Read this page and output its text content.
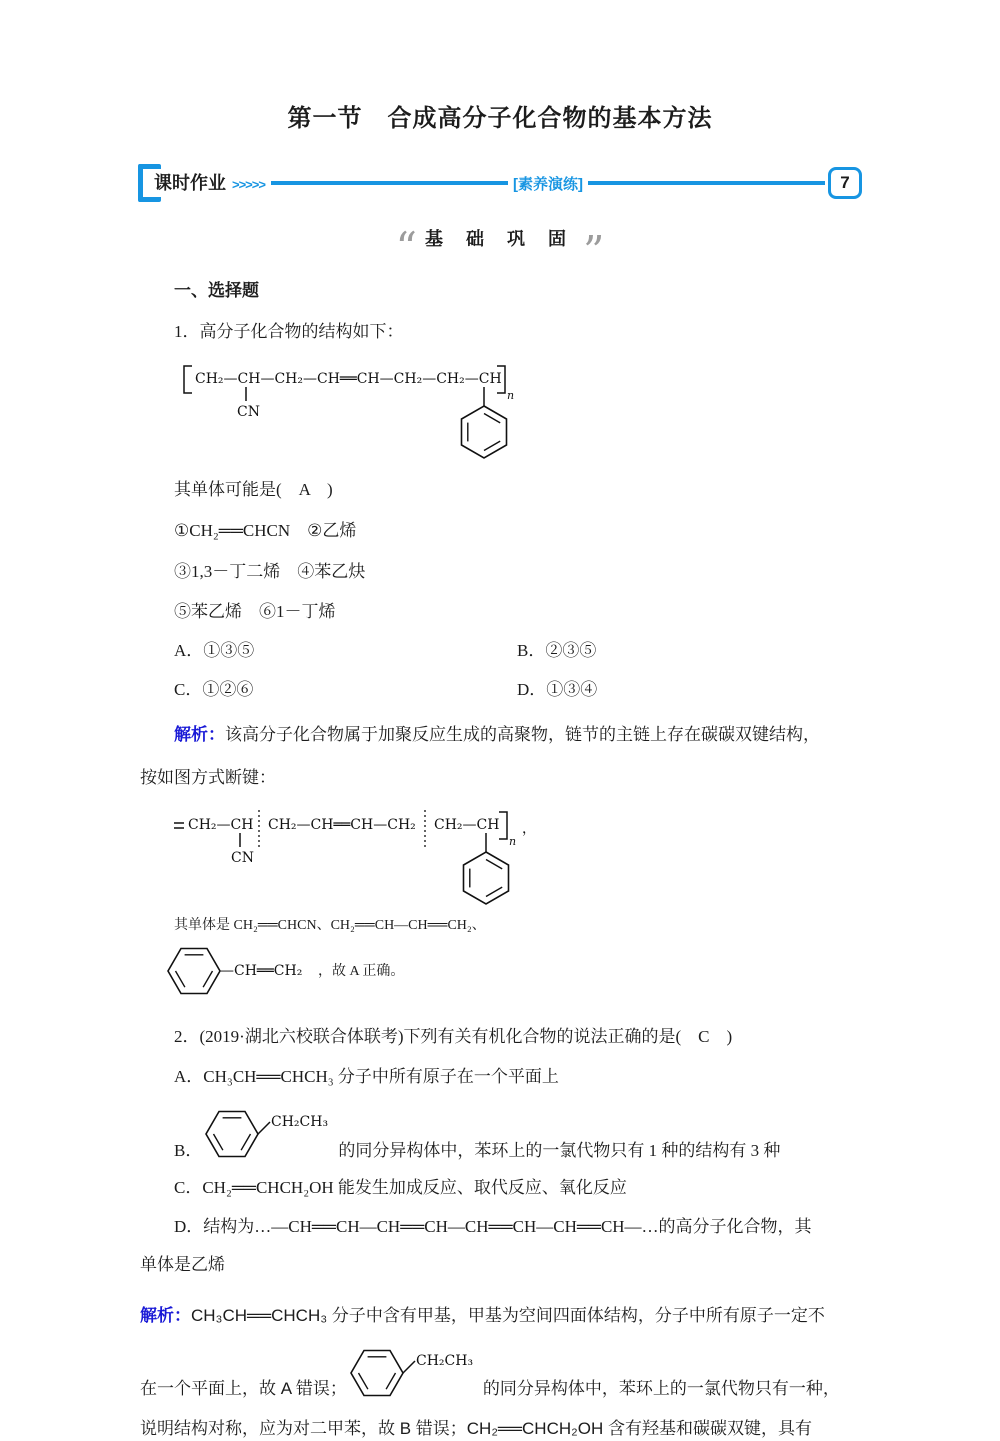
第一节　合成高分子化合物的基本方法
课时作业 >>>>>	[素养演练]	7
“ 基 础 巩 固 ”
一、选择题
1．高分子化合物的结构如下：
CH₂—CH—CH₂—CH══CH—CH₂—CH₂—CH
n
CN
其单体可能是(　A　)
①CH₂══CHCN　②乙烯
③1,3－丁二烯　④苯乙炔
⑤苯乙烯　⑥1－丁烯
A．①③⑤	B．②③⑤
C．①②⑥	D．①③④
解析：该高分子化合物属于加聚反应生成的高聚物，链节的主链上存在碳碳双键结构，
按如图方式断键：
CH₂—CH CH₂—CH══CH—CH₂ CH₂—CH
n
，
CN
其单体是 CH₂══CHCN、CH₂══CH—CH══CH₂、
—CH══CH₂ ，故 A 正确。
2．(2019·湖北六校联合体联考)下列有关有机化合物的说法正确的是(　C　)
A．CH₃CH══CHCH₃ 分子中所有原子在一个平面上
B．
CH₂CH₃
的同分异构体中，苯环上的一氯代物只有 1 种的结构有 3 种
C．CH₂══CHCH₂OH 能发生加成反应、取代反应、氧化反应
D．结构为…—CH══CH—CH══CH—CH══CH—CH══CH—…的高分子化合物，其
单体是乙烯
解析：CH₃CH══CHCH₃ 分子中含有甲基，甲基为空间四面体结构，分子中所有原子一定不
在一个平面上，故 A 错误；
CH₂CH₃
的同分异构体中，苯环上的一氯代物只有一种，
说明结构对称，应为对二甲苯，故 B 错误；CH₂══CHCH₂OH 含有羟基和碳碳双键，具有
